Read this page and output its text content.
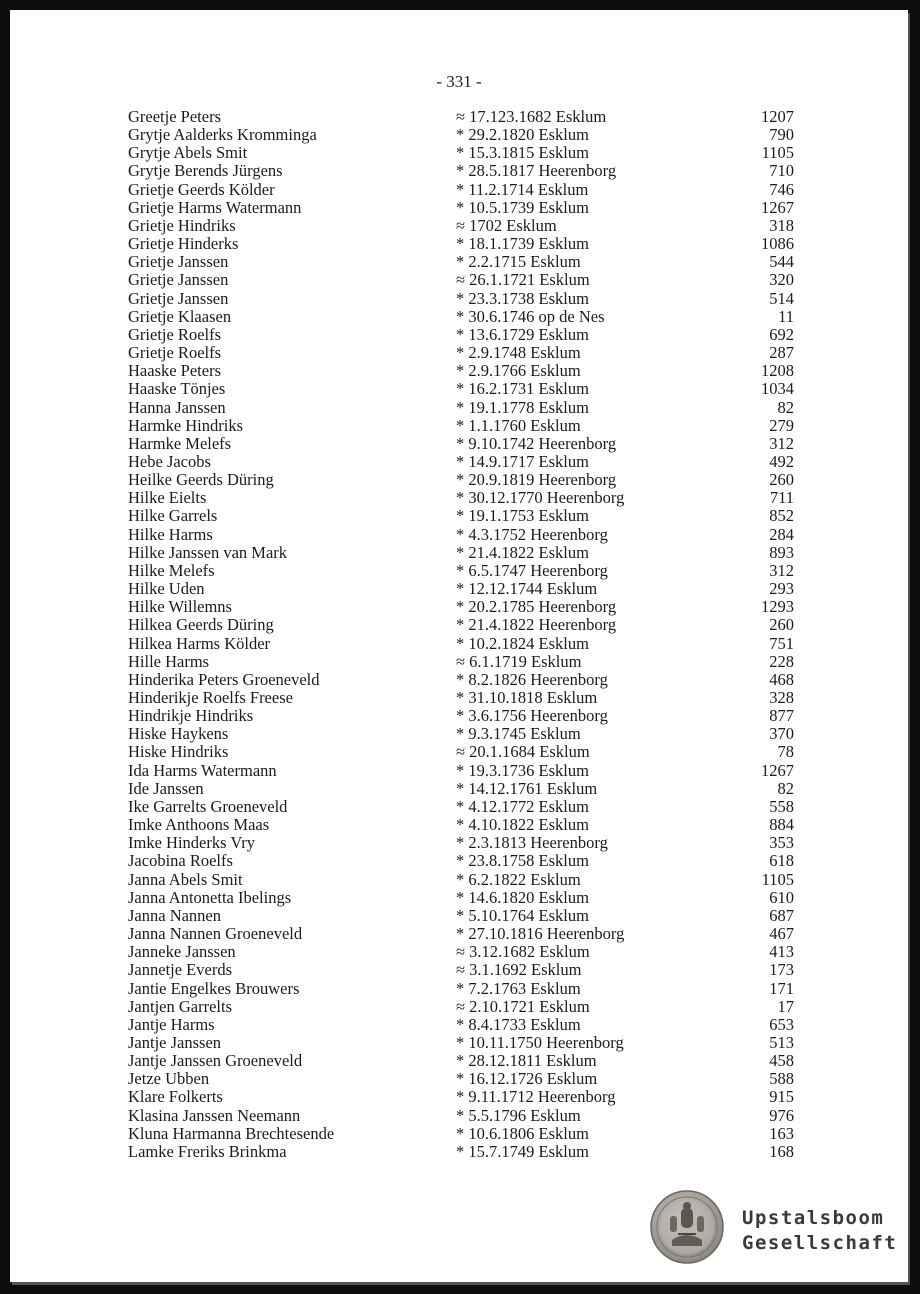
- 331 -
Greetje Peters	≈ 17.123.1682 Esklum	1207
Grytje Aalderks Kromminga	* 29.2.1820 Esklum	790
Grytje Abels Smit	* 15.3.1815 Esklum	1105
Grytje Berends Jürgens	* 28.5.1817 Heerenborg	710
Grietje Geerds Kölder	* 11.2.1714 Esklum	746
Grietje Harms Watermann	* 10.5.1739 Esklum	1267
Grietje Hindriks	≈ 1702 Esklum	318
Grietje Hinderks	* 18.1.1739 Esklum	1086
Grietje Janssen	* 2.2.1715 Esklum	544
Grietje Janssen	≈ 26.1.1721 Esklum	320
Grietje Janssen	* 23.3.1738 Esklum	514
Grietje Klaasen	* 30.6.1746 op de Nes	11
Grietje Roelfs	* 13.6.1729 Esklum	692
Grietje Roelfs	* 2.9.1748 Esklum	287
Haaske Peters	* 2.9.1766 Esklum	1208
Haaske Tönjes	* 16.2.1731 Esklum	1034
Hanna Janssen	* 19.1.1778 Esklum	82
Harmke Hindriks	* 1.1.1760 Esklum	279
Harmke Melefs	* 9.10.1742 Heerenborg	312
Hebe Jacobs	* 14.9.1717 Esklum	492
Heilke Geerds Düring	* 20.9.1819 Heerenborg	260
Hilke Eielts	* 30.12.1770 Heerenborg	711
Hilke Garrels	* 19.1.1753 Esklum	852
Hilke Harms	* 4.3.1752 Heerenborg	284
Hilke Janssen van Mark	* 21.4.1822 Esklum	893
Hilke Melefs	* 6.5.1747 Heerenborg	312
Hilke Uden	* 12.12.1744 Esklum	293
Hilke Willemns	* 20.2.1785 Heerenborg	1293
Hilkea Geerds Düring	* 21.4.1822 Heerenborg	260
Hilkea Harms Kölder	* 10.2.1824 Esklum	751
Hille Harms	≈ 6.1.1719 Esklum	228
Hinderika Peters Groeneveld	* 8.2.1826 Heerenborg	468
Hinderikje Roelfs Freese	* 31.10.1818 Esklum	328
Hindrikje Hindriks	* 3.6.1756 Heerenborg	877
Hiske Haykens	* 9.3.1745 Esklum	370
Hiske Hindriks	≈ 20.1.1684 Esklum	78
Ida Harms Watermann	* 19.3.1736 Esklum	1267
Ide Janssen	* 14.12.1761 Esklum	82
Ike Garrelts Groeneveld	* 4.12.1772 Esklum	558
Imke Anthoons Maas	* 4.10.1822 Esklum	884
Imke Hinderks Vry	* 2.3.1813 Heerenborg	353
Jacobina Roelfs	* 23.8.1758 Esklum	618
Janna Abels Smit	* 6.2.1822 Esklum	1105
Janna Antonetta Ibelings	* 14.6.1820 Esklum	610
Janna Nannen	* 5.10.1764 Esklum	687
Janna Nannen Groeneveld	* 27.10.1816 Heerenborg	467
Janneke Janssen	≈ 3.12.1682 Esklum	413
Jannetje Everds	≈ 3.1.1692 Esklum	173
Jantie Engelkes Brouwers	* 7.2.1763 Esklum	171
Jantjen Garrelts	≈ 2.10.1721 Esklum	17
Jantje Harms	* 8.4.1733 Esklum	653
Jantje Janssen	* 10.11.1750 Heerenborg	513
Jantje Janssen Groeneveld	* 28.12.1811 Esklum	458
Jetze Ubben	* 16.12.1726 Esklum	588
Klare Folkerts	* 9.11.1712 Heerenborg	915
Klasina Janssen Neemann	* 5.5.1796 Esklum	976
Kluna Harmanna Brechtesende	* 10.6.1806 Esklum	163
Lamke Freriks Brinkma	* 15.7.1749 Esklum	168
Upstalsboom
Gesellschaft
